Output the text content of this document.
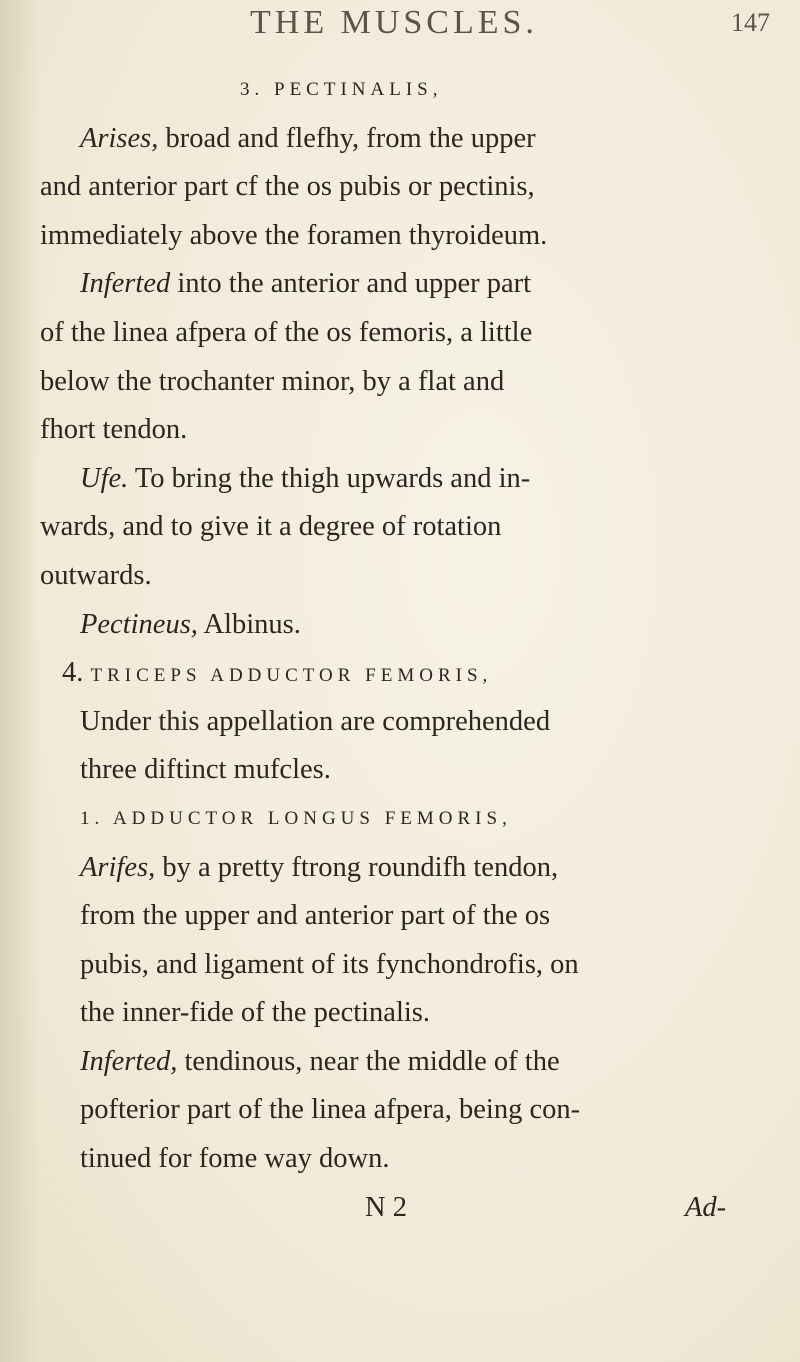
THE MUSCLES.	147
3. PECTINALIS,
Arises, broad and flefhy, from the upper
and anterior part cf the os pubis or pectinis,
immediately above the foramen thyroideum.
Inferted into the anterior and upper part
of the linea afpera of the os femoris, a little
below the trochanter minor, by a flat and
fhort tendon.
Ufe. To bring the thigh upwards and in-
wards, and to give it a degree of rotation
outwards.
Pectineus, Albinus.
4. TRICEPS ADDUCTOR FEMORIS,
Under this appellation are comprehended
three diftinct mufcles.
1. ADDUCTOR LONGUS FEMORIS,
Arifes, by a pretty ftrong roundifh tendon,
from the upper and anterior part of the os
pubis, and ligament of its fynchondrofis, on
the inner-fide of the pectinalis.
Inferted, tendinous, near the middle of the
pofterior part of the linea afpera, being con-
tinued for fome way down.
N 2	Ad-
